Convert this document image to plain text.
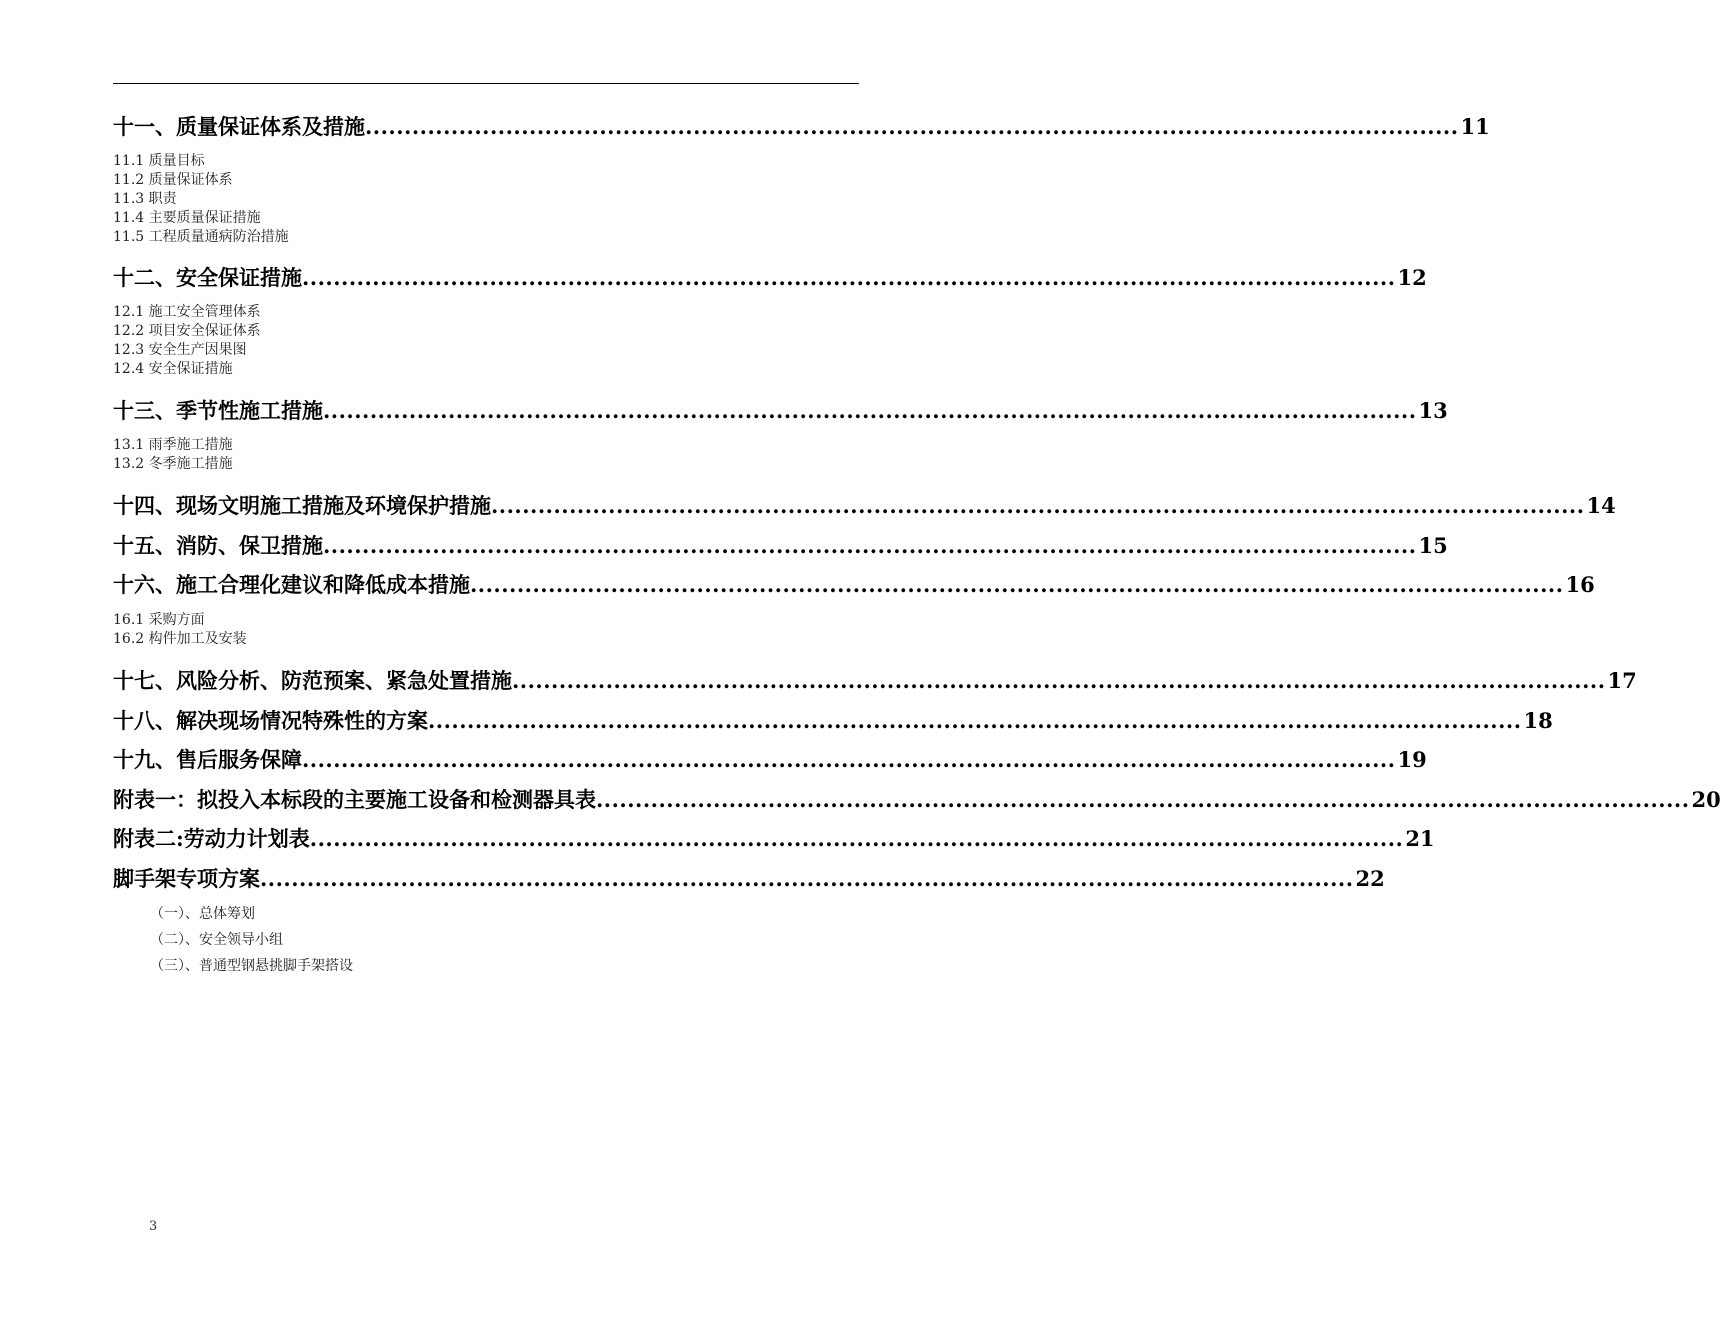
十一、质量保证体系及措施 ............................................................................................................................................ 11
11.1 质量目标
11.2 质量保证体系
11.3 职责
11.4 主要质量保证措施
11.5 工程质量通病防治措施
十二、安全保证措施 ............................................................................................................................................ 12
12.1 施工安全管理体系
12.2 项目安全保证体系
12.3 安全生产因果图
12.4 安全保证措施
十三、季节性施工措施 ............................................................................................................................................ 13
13.1 雨季施工措施
13.2 冬季施工措施
十四、现场文明施工措施及环境保护措施 ............................................................................................................................................ 14
十五、消防、保卫措施 ............................................................................................................................................ 15
十六、施工合理化建议和降低成本措施 ............................................................................................................................................ 16
16.1 采购方面
16.2 构件加工及安装
十七、风险分析、防范预案、紧急处置措施 ............................................................................................................................................ 17
十八、解决现场情况特殊性的方案 ............................................................................................................................................ 18
十九、售后服务保障 ............................................................................................................................................ 19
附表一：拟投入本标段的主要施工设备和检测器具表 ............................................................................................................................................ 20
附表二:劳动力计划表 ............................................................................................................................................ 21
脚手架专项方案 ............................................................................................................................................ 22
（一）、总体筹划
（二）、安全领导小组
（三）、普通型钢悬挑脚手架搭设
3
